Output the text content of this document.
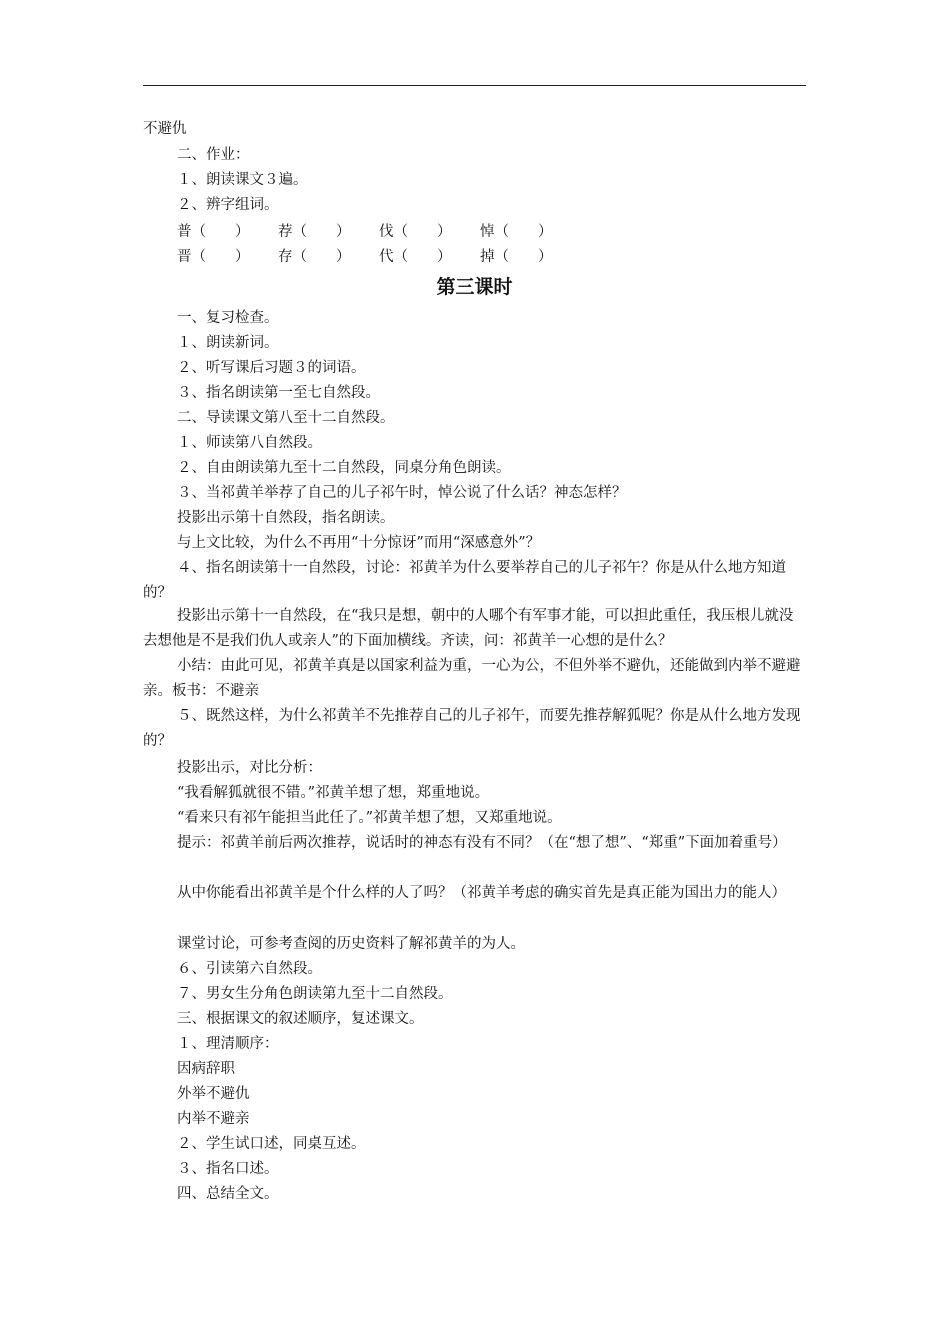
不避仇
二、作业：
１、朗读课文３遍。
２、辨字组词。
普（　　） 荐（　　） 伐（　　） 悼（　　）
晋（　　） 存（　　） 代（　　） 掉（　　）
第三课时
一、复习检查。
１、朗读新词。
２、听写课后习题３的词语。
３、指名朗读第一至七自然段。
二、导读课文第八至十二自然段。
１、师读第八自然段。
２、自由朗读第九至十二自然段，同桌分角色朗读。
３、当祁黄羊举荐了自己的儿子祁午时，悼公说了什么话？神态怎样？
投影出示第十自然段，指名朗读。
与上文比较，为什么不再用“十分惊讶”而用“深感意外”？
４、指名朗读第十一自然段，讨论：祁黄羊为什么要举荐自己的儿子祁午？你是从什么地方知道的？
投影出示第十一自然段，在“我只是想，朝中的人哪个有军事才能，可以担此重任，我压根儿就没去想他是不是我们仇人或亲人”的下面加横线。齐读，问：祁黄羊一心想的是什么？
小结：由此可见，祁黄羊真是以国家利益为重，一心为公，不但外举不避仇，还能做到内举不避避亲。板书：不避亲
５、既然这样，为什么祁黄羊不先推荐自己的儿子祁午，而要先推荐解狐呢？你是从什么地方发现的？
投影出示，对比分析：
“我看解狐就很不错。”祁黄羊想了想，郑重地说。
“看来只有祁午能担当此任了。”祁黄羊想了想，又郑重地说。
提示：祁黄羊前后两次推荐，说话时的神态有没有不同？（在“想了想”、“郑重”下面加着重号）
从中你能看出祁黄羊是个什么样的人了吗？（祁黄羊考虑的确实首先是真正能为国出力的能人）
课堂讨论，可参考查阅的历史资料了解祁黄羊的为人。
６、引读第六自然段。
７、男女生分角色朗读第九至十二自然段。
三、根据课文的叙述顺序，复述课文。
１、理清顺序：
因病辞职
外举不避仇
内举不避亲
２、学生试口述，同桌互述。
３、指名口述。
四、总结全文。
